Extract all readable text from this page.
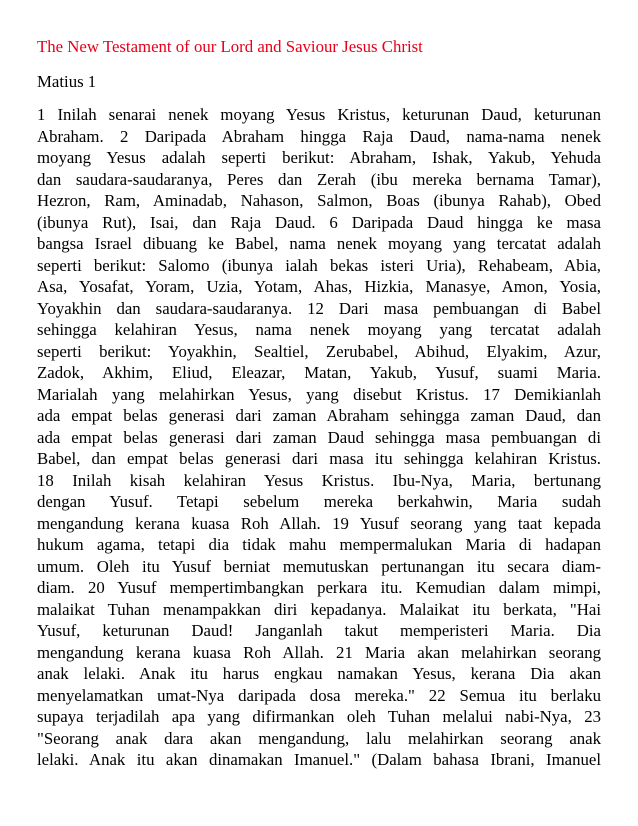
The New Testament of our Lord and Saviour Jesus Christ
Matius 1
1 Inilah senarai nenek moyang Yesus Kristus, keturunan Daud, keturunan
Abraham. 2 Daripada Abraham hingga Raja Daud, nama-nama nenek
moyang Yesus adalah seperti berikut: Abraham, Ishak, Yakub, Yehuda
dan saudara-saudaranya, Peres dan Zerah (ibu mereka bernama Tamar),
Hezron, Ram, Aminadab, Nahason, Salmon, Boas (ibunya Rahab), Obed
(ibunya Rut), Isai, dan Raja Daud. 6 Daripada Daud hingga ke masa
bangsa Israel dibuang ke Babel, nama nenek moyang yang tercatat adalah
seperti berikut: Salomo (ibunya ialah bekas isteri Uria), Rehabeam, Abia,
Asa, Yosafat, Yoram, Uzia, Yotam, Ahas, Hizkia, Manasye, Amon, Yosia,
Yoyakhin dan saudara-saudaranya. 12 Dari masa pembuangan di Babel
sehingga kelahiran Yesus, nama nenek moyang yang tercatat adalah
seperti berikut: Yoyakhin, Sealtiel, Zerubabel, Abihud, Elyakim, Azur,
Zadok, Akhim, Eliud, Eleazar, Matan, Yakub, Yusuf, suami Maria.
Marialah yang melahirkan Yesus, yang disebut Kristus. 17 Demikianlah
ada empat belas generasi dari zaman Abraham sehingga zaman Daud, dan
ada empat belas generasi dari zaman Daud sehingga masa pembuangan di
Babel, dan empat belas generasi dari masa itu sehingga kelahiran Kristus.
18 Inilah kisah kelahiran Yesus Kristus. Ibu-Nya, Maria, bertunang
dengan Yusuf. Tetapi sebelum mereka berkahwin, Maria sudah
mengandung kerana kuasa Roh Allah. 19 Yusuf seorang yang taat kepada
hukum agama, tetapi dia tidak mahu mempermalukan Maria di hadapan
umum. Oleh itu Yusuf berniat memutuskan pertunangan itu secara diam-
diam. 20 Yusuf mempertimbangkan perkara itu. Kemudian dalam mimpi,
malaikat Tuhan menampakkan diri kepadanya. Malaikat itu berkata, "Hai
Yusuf, keturunan Daud! Janganlah takut memperisteri Maria. Dia
mengandung kerana kuasa Roh Allah. 21 Maria akan melahirkan seorang
anak lelaki. Anak itu harus engkau namakan Yesus, kerana Dia akan
menyelamatkan umat-Nya daripada dosa mereka." 22 Semua itu berlaku
supaya terjadilah apa yang difirmankan oleh Tuhan melalui nabi-Nya, 23
"Seorang anak dara akan mengandung, lalu melahirkan seorang anak
lelaki. Anak itu akan dinamakan Imanuel." (Dalam bahasa Ibrani, Imanuel
